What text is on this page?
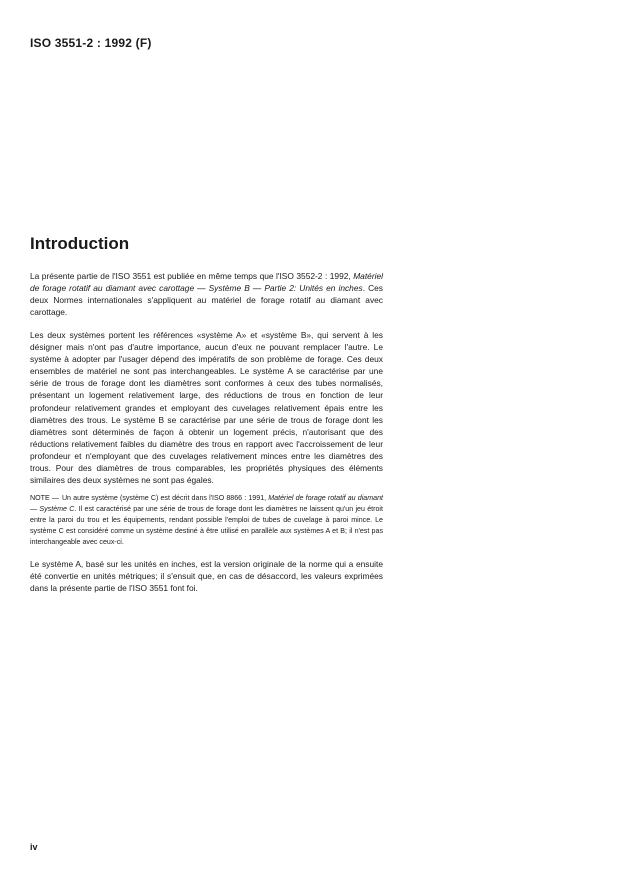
ISO 3551-2 : 1992 (F)
Introduction

La présente partie de l'ISO 3551 est publiée en même temps que l'ISO 3552-2 : 1992, Matériel de forage rotatif au diamant avec carottage — Système B — Partie 2: Unités en inches. Ces deux Normes internationales s'appliquent au matériel de forage rotatif au diamant avec carottage.

Les deux systèmes portent les références «système A» et «système B», qui servent à les désigner mais n'ont pas d'autre importance, aucun d'eux ne pouvant remplacer l'autre. Le système à adopter par l'usager dépend des impératifs de son problème de forage. Ces deux ensembles de matériel ne sont pas interchangeables. Le système A se caractérise par une série de trous de forage dont les diamètres sont conformes à ceux des tubes normalisés, présentant un logement relativement large, des réductions de trous en fonction de leur profondeur relativement grandes et employant des cuvelages relativement épais entre les diamètres des trous. Le système B se caractérise par une série de trous de forage dont les diamètres sont déterminés de façon à obtenir un logement précis, n'autorisant que des réductions relativement faibles du diamètre des trous en rapport avec l'accroissement de leur profondeur et n'employant que des cuvelages relativement minces entre les diamètres des trous. Pour des diamètres de trous comparables, les propriétés physiques des éléments similaires des deux systèmes ne sont pas égales.

NOTE — Un autre système (système C) est décrit dans l'ISO 8866 : 1991, Matériel de forage rotatif au diamant — Système C. Il est caractérisé par une série de trous de forage dont les diamètres ne laissent qu'un jeu étroit entre la paroi du trou et les équipements, rendant possible l'emploi de tubes de cuvelage à paroi mince. Le système C est considéré comme un système destiné à être utilisé en parallèle aux systèmes A et B; il n'est pas interchangeable avec ceux-ci.

Le système A, basé sur les unités en inches, est la version originale de la norme qui a ensuite été convertie en unités métriques; il s'ensuit que, en cas de désaccord, les valeurs exprimées dans la présente partie de l'ISO 3551 font foi.

iv
